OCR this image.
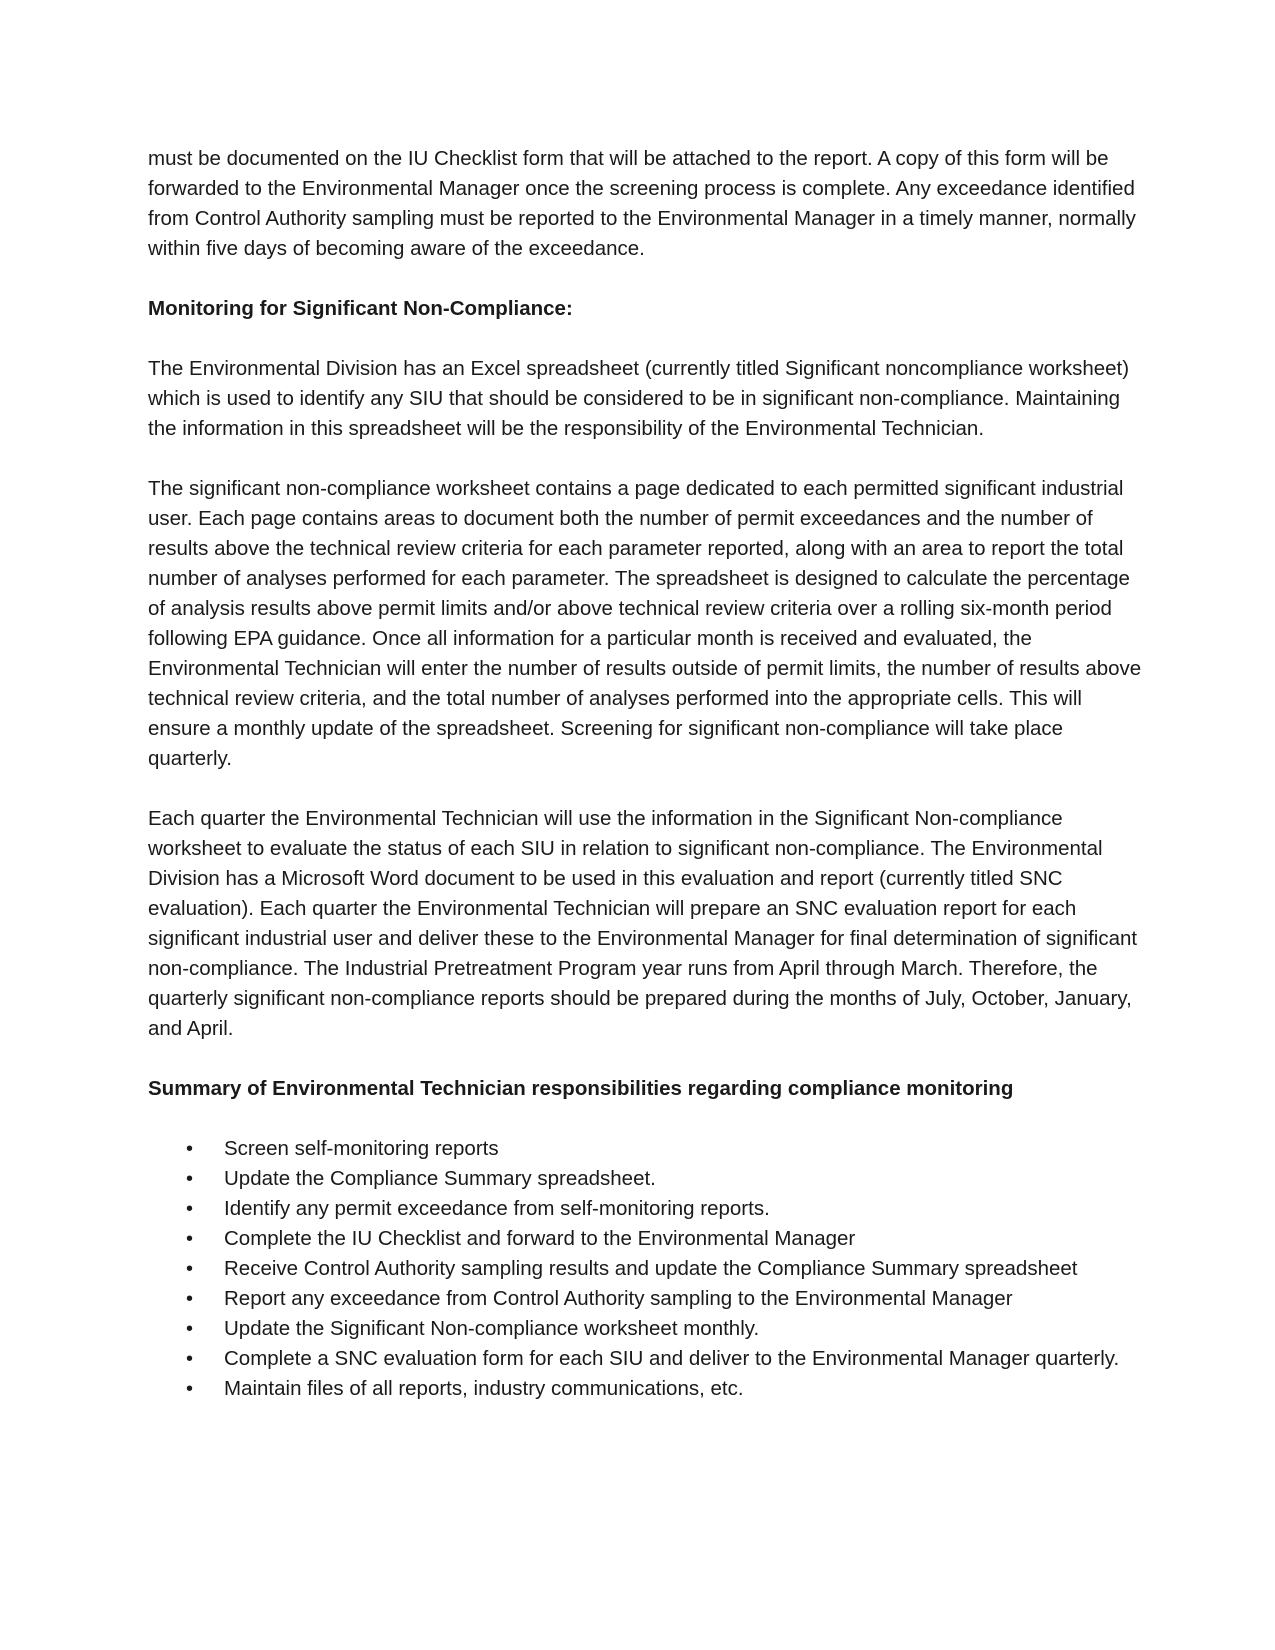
must be documented on the IU Checklist form that will be attached to the report. A copy of this form will be forwarded to the Environmental Manager once the screening process is complete. Any exceedance identified from Control Authority sampling must be reported to the Environmental Manager in a timely manner, normally within five days of becoming aware of the exceedance.

Monitoring for Significant Non-Compliance:

The Environmental Division has an Excel spreadsheet (currently titled Significant noncompliance worksheet) which is used to identify any SIU that should be considered to be in significant non-compliance. Maintaining the information in this spreadsheet will be the responsibility of the Environmental Technician.

The significant non-compliance worksheet contains a page dedicated to each permitted significant industrial user. Each page contains areas to document both the number of permit exceedances and the number of results above the technical review criteria for each parameter reported, along with an area to report the total number of analyses performed for each parameter. The spreadsheet is designed to calculate the percentage of analysis results above permit limits and/or above technical review criteria over a rolling six-month period following EPA guidance. Once all information for a particular month is received and evaluated, the Environmental Technician will enter the number of results outside of permit limits, the number of results above technical review criteria, and the total number of analyses performed into the appropriate cells. This will ensure a monthly update of the spreadsheet. Screening for significant non-compliance will take place quarterly.

Each quarter the Environmental Technician will use the information in the Significant Non-compliance worksheet to evaluate the status of each SIU in relation to significant non-compliance. The Environmental Division has a Microsoft Word document to be used in this evaluation and report (currently titled SNC evaluation). Each quarter the Environmental Technician will prepare an SNC evaluation report for each significant industrial user and deliver these to the Environmental Manager for final determination of significant non-compliance. The Industrial Pretreatment Program year runs from April through March. Therefore, the quarterly significant non-compliance reports should be prepared during the months of July, October, January, and April.

Summary of Environmental Technician responsibilities regarding compliance monitoring
• Screen self-monitoring reports
• Update the Compliance Summary spreadsheet.
• Identify any permit exceedance from self-monitoring reports.
• Complete the IU Checklist and forward to the Environmental Manager
• Receive Control Authority sampling results and update the Compliance Summary spreadsheet
• Report any exceedance from Control Authority sampling to the Environmental Manager
• Update the Significant Non-compliance worksheet monthly.
• Complete a SNC evaluation form for each SIU and deliver to the Environmental Manager quarterly.
• Maintain files of all reports, industry communications, etc.
